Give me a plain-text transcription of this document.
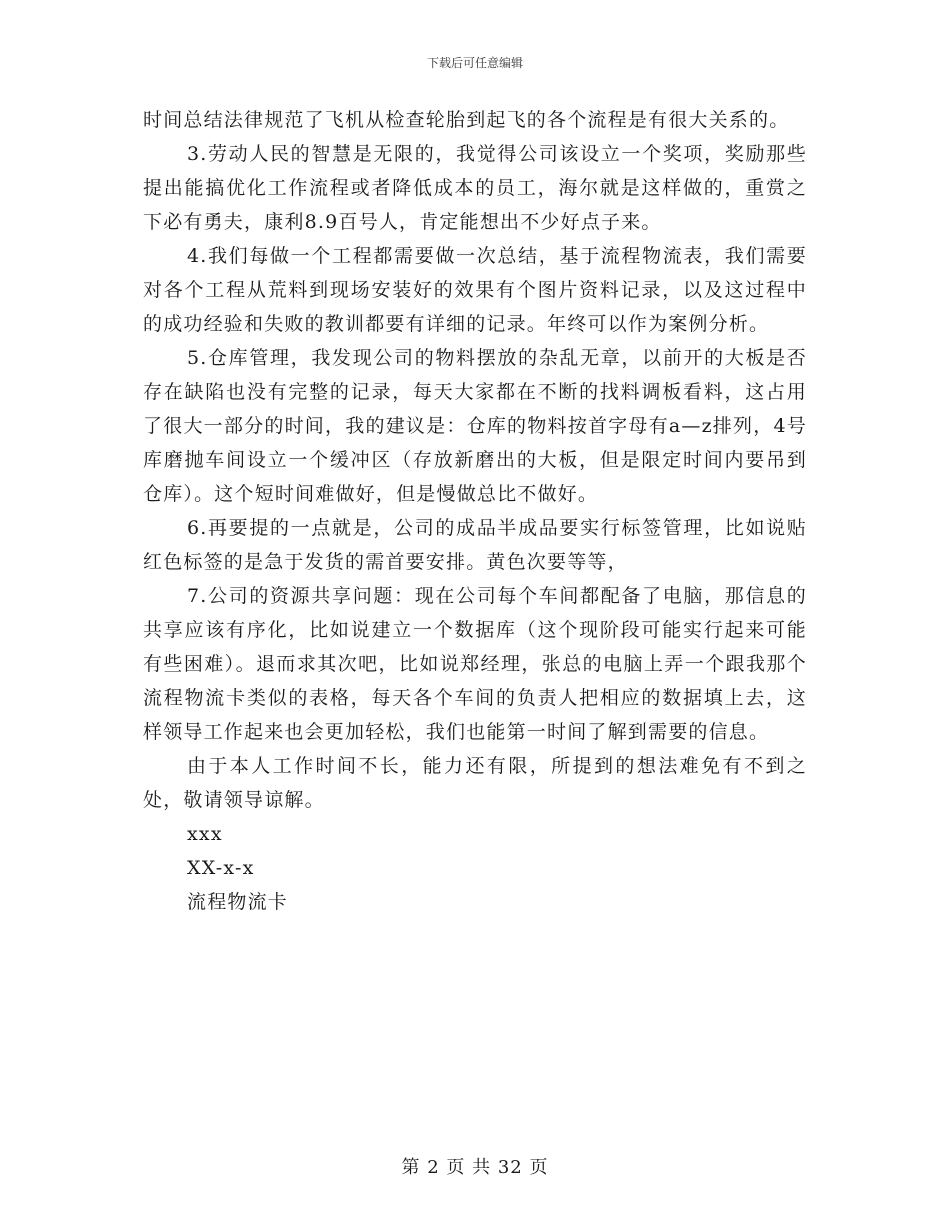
下载后可任意编辑

时间总结法律规范了飞机从检查轮胎到起飞的各个流程是有很大关系的。

3.劳动人民的智慧是无限的，我觉得公司该设立一个奖项，奖励那些提出能搞优化工作流程或者降低成本的员工，海尔就是这样做的，重赏之下必有勇夫，康利8.9百号人，肯定能想出不少好点子来。

4.我们每做一个工程都需要做一次总结，基于流程物流表，我们需要对各个工程从荒料到现场安装好的效果有个图片资料记录，以及这过程中的成功经验和失败的教训都要有详细的记录。年终可以作为案例分析。

5.仓库管理，我发现公司的物料摆放的杂乱无章，以前开的大板是否存在缺陷也没有完整的记录，每天大家都在不断的找料调板看料，这占用了很大一部分的时间，我的建议是：仓库的物料按首字母有a—z排列，4号库磨抛车间设立一个缓冲区（存放新磨出的大板，但是限定时间内要吊到仓库）。这个短时间难做好，但是慢做总比不做好。

6.再要提的一点就是，公司的成品半成品要实行标签管理，比如说贴红色标签的是急于发货的需首要安排。黄色次要等等，

7.公司的资源共享问题：现在公司每个车间都配备了电脑，那信息的共享应该有序化，比如说建立一个数据库（这个现阶段可能实行起来可能有些困难）。退而求其次吧，比如说郑经理，张总的电脑上弄一个跟我那个流程物流卡类似的表格，每天各个车间的负责人把相应的数据填上去，这样领导工作起来也会更加轻松，我们也能第一时间了解到需要的信息。

由于本人工作时间不长，能力还有限，所提到的想法难免有不到之处，敬请领导谅解。

xxx

XX-x-x

流程物流卡

第 2 页 共 32 页
